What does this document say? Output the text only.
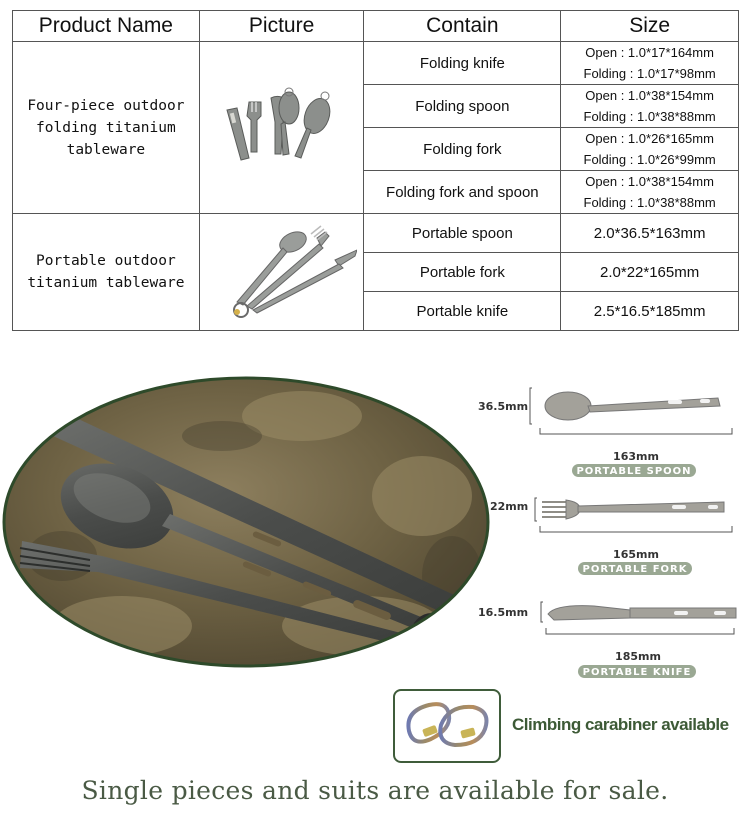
Product Name	Picture	Contain	Size
Four-piece outdoor folding titanium tableware		Folding knife	Open : 1.0*17*164mm
Folding : 1.0*17*98mm

		Folding spoon	Open : 1.0*38*154mm
Folding : 1.0*38*88mm

		Folding fork	Open : 1.0*26*165mm
Folding : 1.0*26*99mm

		Folding fork and spoon	Open : 1.0*38*154mm
Folding : 1.0*38*88mm

Portable outdoor titanium tableware		Portable spoon	2.0*36.5*163mm
		Portable fork	2.0*22*165mm
		Portable knife	2.5*16.5*185mm
36.5mm
163mm
PORTABLE SPOON
22mm
165mm
PORTABLE FORK
16.5mm
185mm
PORTABLE KNIFE
Climbing carabiner available
Single pieces and suits are available for sale.
